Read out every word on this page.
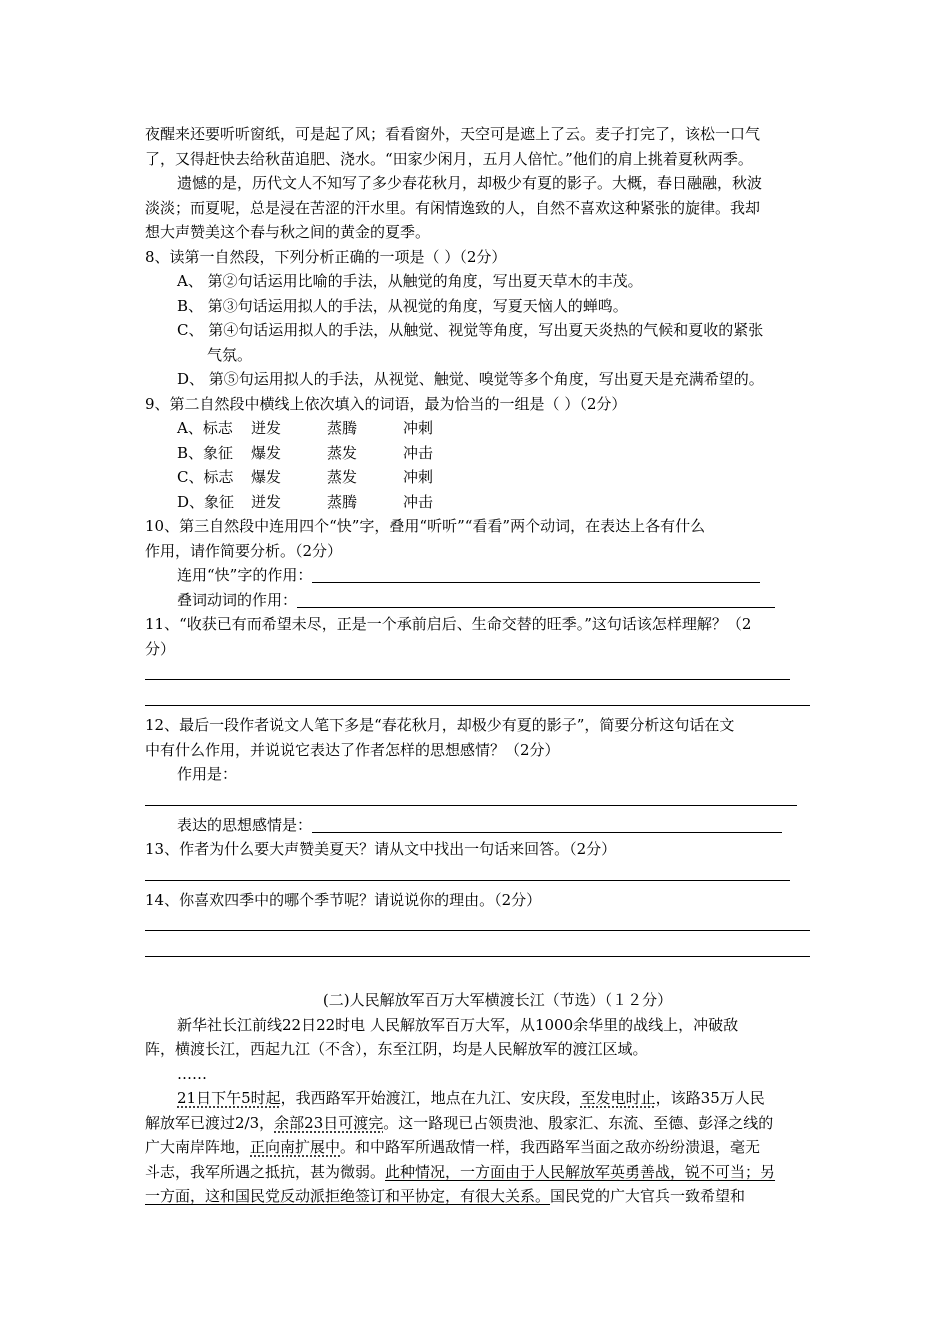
夜醒来还要听听窗纸，可是起了风；看看窗外，天空可是遮上了云。麦子打完了，该松一口气
了，又得赶快去给秋苗追肥、浇水。“田家少闲月，五月人倍忙。”他们的肩上挑着夏秋两季。
遗憾的是，历代文人不知写了多少春花秋月，却极少有夏的影子。大概，春日融融，秋波
淡淡；而夏呢，总是浸在苦涩的汗水里。有闲情逸致的人，自然不喜欢这种紧张的旋律。我却
想大声赞美这个春与秋之间的黄金的夏季。
8、读第一自然段，下列分析正确的一项是（ ）（2分）
A、 第②句话运用比喻的手法，从触觉的角度，写出夏天草木的丰茂。
B、 第③句话运用拟人的手法，从视觉的角度，写夏天恼人的蝉鸣。
C、 第④句话运用拟人的手法，从触觉、视觉等角度，写出夏天炎热的气候和夏收的紧张
气氛。
D、 第⑤句运用拟人的手法，从视觉、触觉、嗅觉等多个角度，写出夏天是充满希望的。
9、第二自然段中横线上依次填入的词语，最为恰当的一组是（ ）（2分）
A、标志 迸发	蒸腾	冲刺
B、象征 爆发	蒸发	冲击
C、标志 爆发	蒸发	冲刺
D、象征 迸发	蒸腾	冲击
10、第三自然段中连用四个“快”字，叠用“听听”“看看”两个动词，在表达上各有什么
作用，请作简要分析。（2分）
连用“快”字的作用：
叠词动词的作用：
11、“收获已有而希望未尽，正是一个承前启后、生命交替的旺季。”这句话该怎样理解？（2
分）
12、最后一段作者说文人笔下多是“春花秋月，却极少有夏的影子”，简要分析这句话在文
中有什么作用，并说说它表达了作者怎样的思想感情？（2分）
作用是：
表达的思想感情是：
13、作者为什么要大声赞美夏天？请从文中找出一句话来回答。（2分）
14、你喜欢四季中的哪个季节呢？请说说你的理由。（2分）
(二)人民解放军百万大军横渡长江（节选）（１２分）
新华社长江前线22日22时电 人民解放军百万大军，从1000余华里的战线上，冲破敌
阵，横渡长江，西起九江（不含），东至江阴，均是人民解放军的渡江区域。
……
21日下午5时起，我西路军开始渡江，地点在九江、安庆段，至发电时止，该路35万人民
解放军已渡过2/3，余部23日可渡完。这一路现已占领贵池、殷家汇、东流、至德、彭泽之线的
广大南岸阵地，正向南扩展中。和中路军所遇敌情一样，我西路军当面之敌亦纷纷溃退，毫无
斗志，我军所遇之抵抗，甚为微弱。此种情况，一方面由于人民解放军英勇善战，锐不可当；另
一方面，这和国民党反动派拒绝签订和平协定，有很大关系。国民党的广大官兵一致希望和
